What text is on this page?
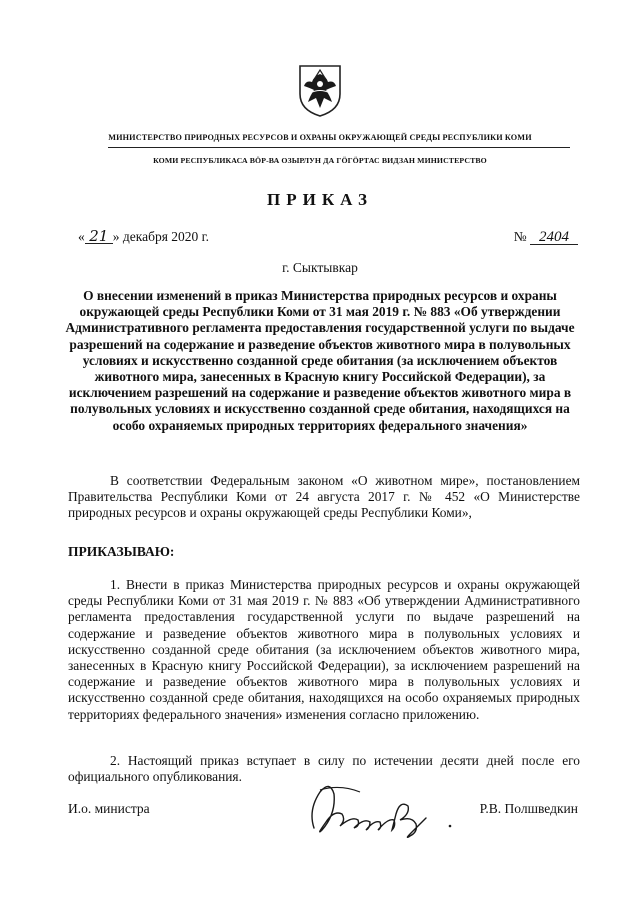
МИНИСТЕРСТВО ПРИРОДНЫХ РЕСУРСОВ И ОХРАНЫ ОКРУЖАЮЩЕЙ СРЕДЫ РЕСПУБЛИКИ КОМИ
КОМИ РЕСПУБЛИКАСА ВӦР-ВА ОЗЫРЛУН ДА ГӦГӦРТАС ВИДЗАН МИНИСТЕРСТВО
ПРИКАЗ
« 21 » декабря 2020 г.	№ 2404
г. Сыктывкар
О внесении изменений в приказ Министерства природных ресурсов и охраны окружающей среды Республики Коми от 31 мая 2019 г. № 883 «Об утверждении Административного регламента предоставления государственной услуги по выдаче разрешений на содержание и разведение объектов животного мира в полувольных условиях и искусственно созданной среде обитания (за исключением объектов животного мира, занесенных в Красную книгу Российской Федерации), за исключением разрешений на содержание и разведение объектов животного мира в полувольных условиях и искусственно созданной среде обитания, находящихся на особо охраняемых природных территориях федерального значения»
В соответствии Федеральным законом «О животном мире», постановлением Правительства Республики Коми от 24 августа 2017 г. № 452 «О Министерстве природных ресурсов и охраны окружающей среды Республики Коми»,
ПРИКАЗЫВАЮ:
1. Внести в приказ Министерства природных ресурсов и охраны окружающей среды Республики Коми от 31 мая 2019 г. № 883 «Об утверждении Административного регламента предоставления государственной услуги по выдаче разрешений на содержание и разведение объектов животного мира в полувольных условиях и искусственно созданной среде обитания (за исключением объектов животного мира, занесенных в Красную книгу Российской Федерации), за исключением разрешений на содержание и разведение объектов животного мира в полувольных условиях и искусственно созданной среде обитания, находящихся на особо охраняемых природных территориях федерального значения» изменения согласно приложению.
2. Настоящий приказ вступает в силу по истечении десяти дней после его официального опубликования.
И.о. министра	Р.В. Полшведкин
